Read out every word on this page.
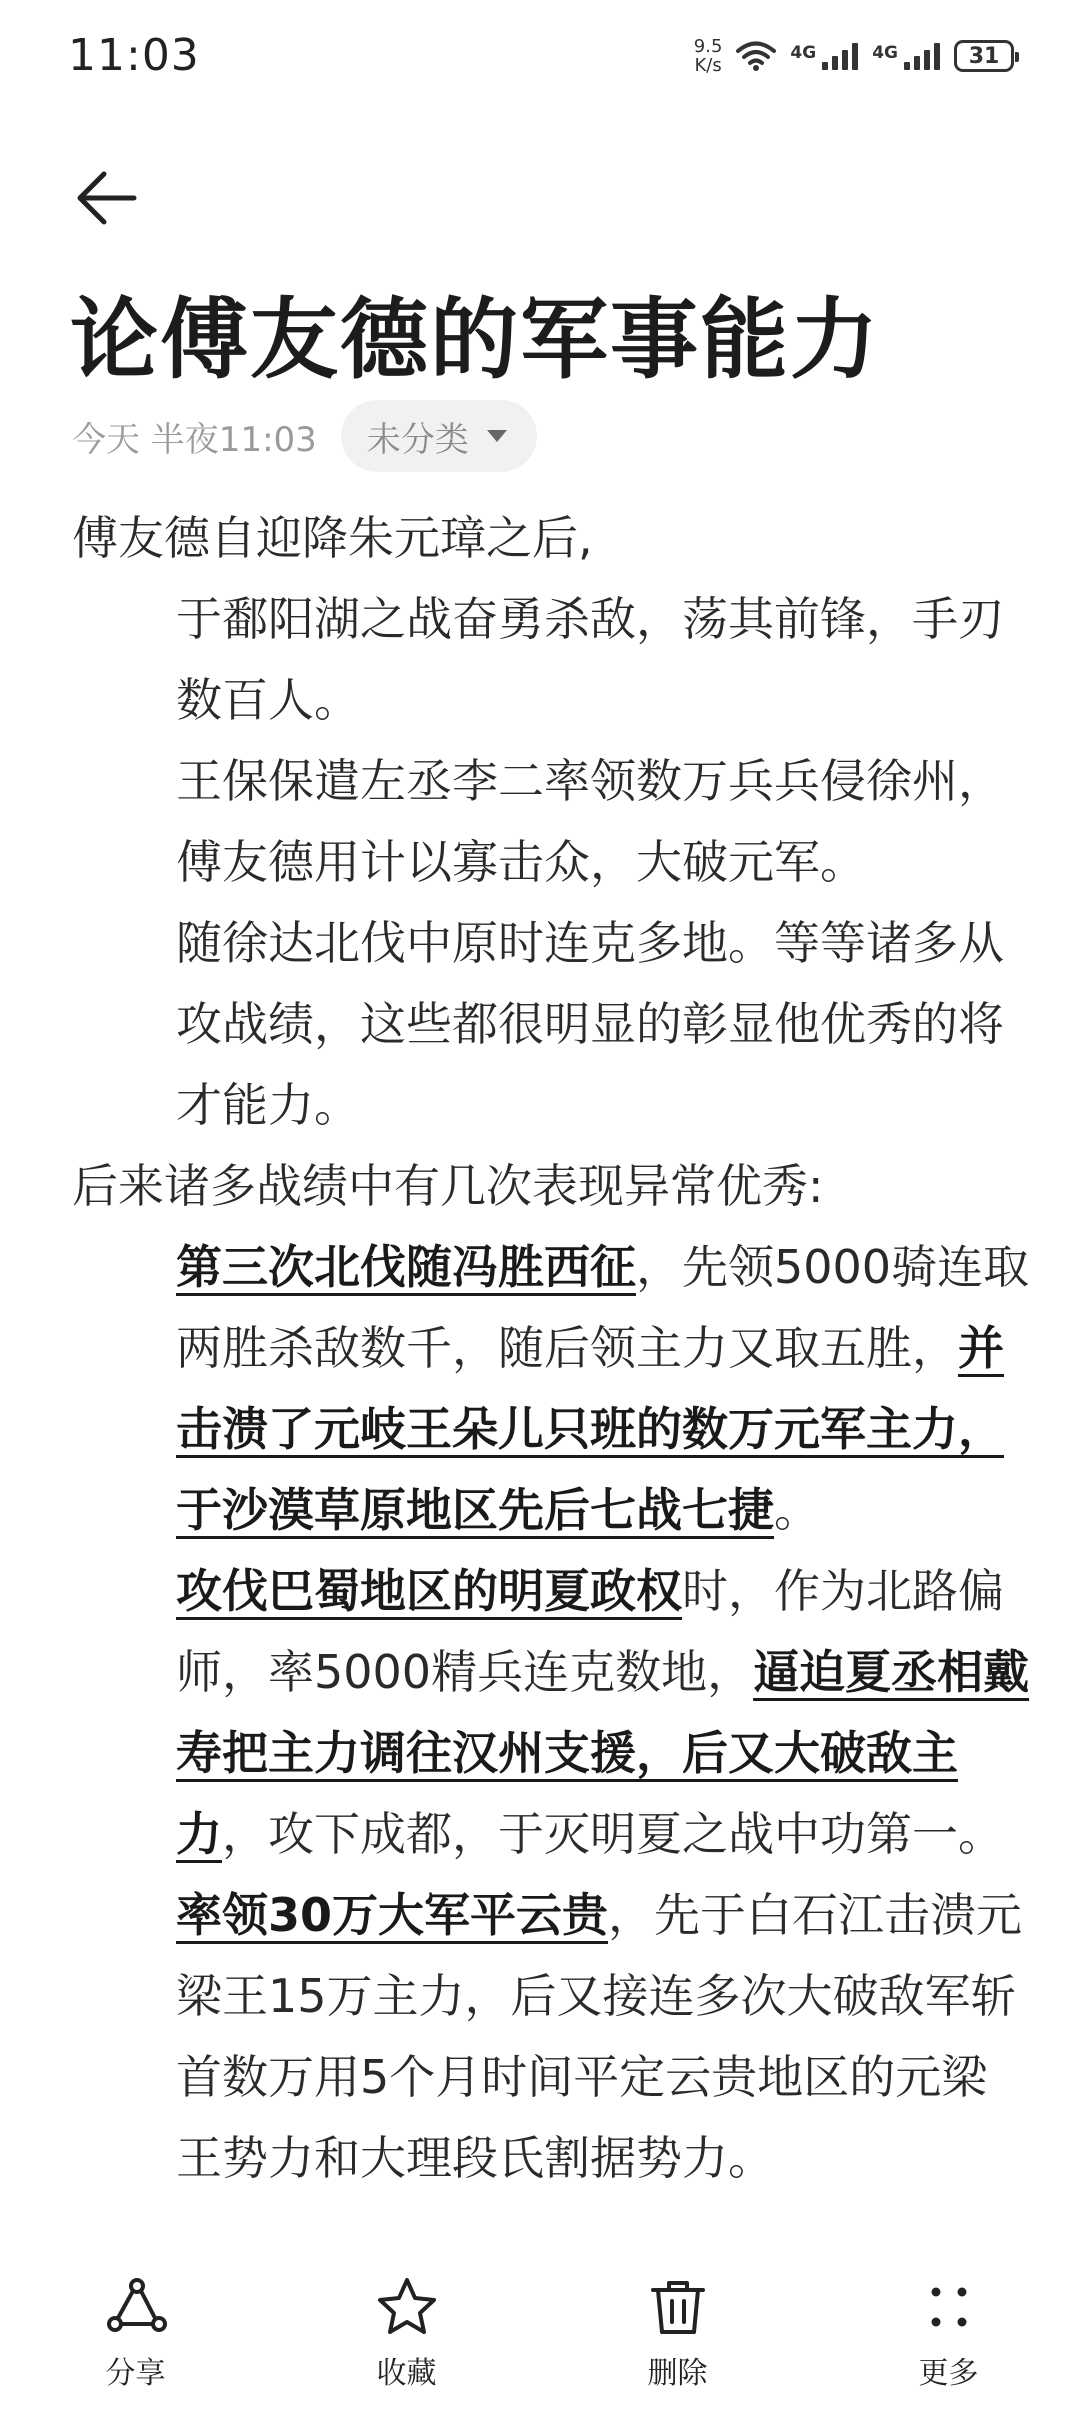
11:03	9.5
K/s
4G	4G	31
论傅友德的军事能力
今天 半夜11:03 未分类

傅友德自迎降朱元璋之后,

于鄱阳湖之战奋勇杀敌，荡其前锋，手刃数百人。

王保保遣左丞李二率领数万兵兵侵徐州，傅友德用计以寡击众，大破元军。

随徐达北伐中原时连克多地。等等诸多从攻战绩，这些都很明显的彰显他优秀的将才能力。

后来诸多战绩中有几次表现异常优秀:

第三次北伐随冯胜西征，先领5000骑连取两胜杀敌数千，随后领主力又取五胜，并击溃了元岐王朵儿只班的数万元军主力，于沙漠草原地区先后七战七捷。

攻伐巴蜀地区的明夏政权时，作为北路偏师，率5000精兵连克数地，逼迫夏丞相戴寿把主力调往汉州支援，后又大破敌主力，攻下成都，于灭明夏之战中功第一。

率领30万大军平云贵，先于白石江击溃元梁王15万主力，后又接连多次大破敌军斩首数万用5个月时间平定云贵地区的元梁王势力和大理段氏割据势力。

分享	收藏	删除	更多
